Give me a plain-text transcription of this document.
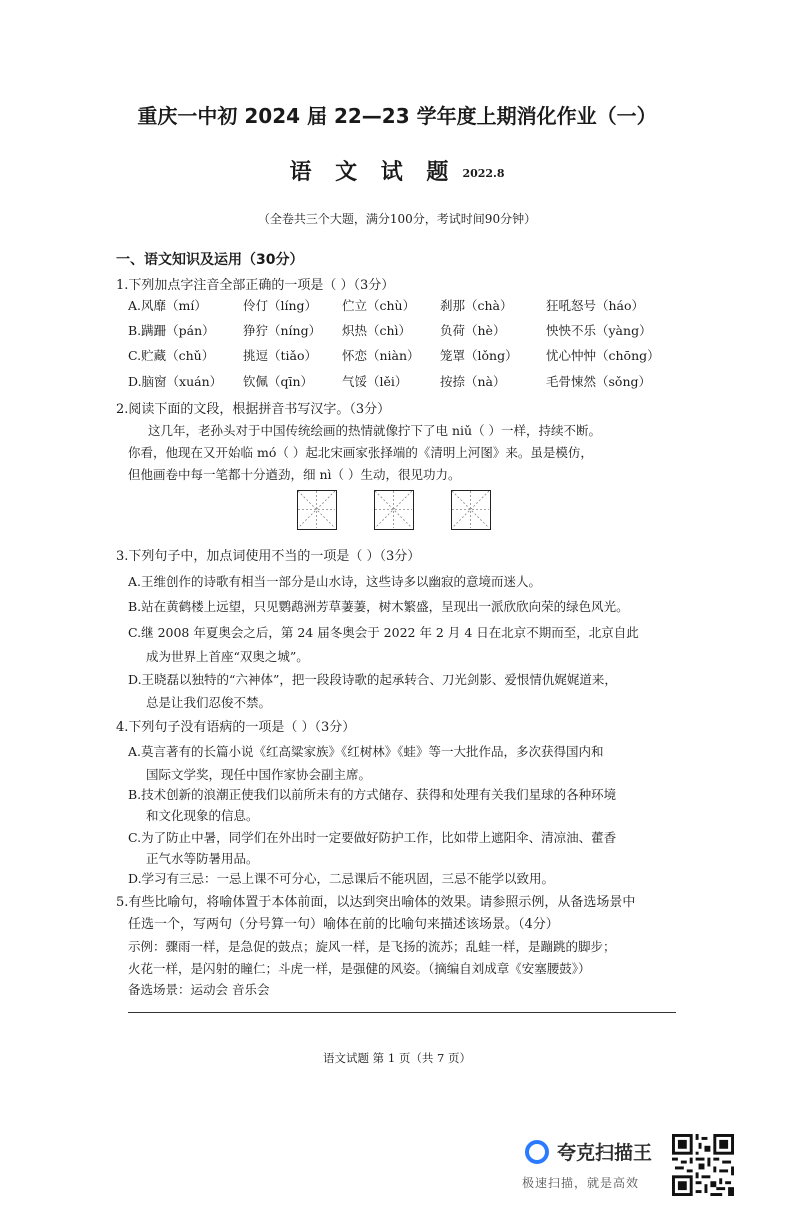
重庆一中初 2024 届 22—23 学年度上期消化作业（一）
语 文 试 题 2022.8
（全卷共三个大题，满分100分，考试时间90分钟）
一、语文知识及运用（30分）
1.下列加点字注音全部正确的一项是（ ）（3分）
A.风靡（mí）	伶仃（líng） 伫立（chù） 刹那（chà）	狂吼怒号（háo）
B.蹒跚（pán） 狰狞（níng） 炽热（chì） 负荷（hè）	怏怏不乐（yàng）
C.贮藏（chǔ） 挑逗（tiǎo） 怀恋（niàn） 笼罩（lǒng） 忧心忡忡（chōng）
D.脑窗（xuán） 钦佩（qīn） 气馁（lěi）	按捺（nà）	毛骨悚然（sǒng）
2.阅读下面的文段，根据拼音书写汉字。（3分）
这几年，老孙头对于中国传统绘画的热情就像拧下了电 niǔ（ ）一样，持续不断。
你看，他现在又开始临 mó（ ）起北宋画家张择端的《清明上河图》来。虽是模仿，
但他画卷中每一笔都十分遒劲，细 nì（ ）生动，很见功力。
3.下列句子中，加点词使用不当的一项是（ ）（3分）
A.王维创作的诗歌有相当一部分是山水诗，这些诗多以幽寂的意境而迷人。
B.站在黄鹤楼上远望，只见鹦鹉洲芳草萋萋，树木繁盛，呈现出一派欣欣向荣的绿色风光。
C.继 2008 年夏奥会之后，第 24 届冬奥会于 2022 年 2 月 4 日在北京不期而至，北京自此
成为世界上首座“双奥之城”。
D.王晓磊以独特的“六神体”，把一段段诗歌的起承转合、刀光剑影、爱恨情仇娓娓道来，
总是让我们忍俊不禁。
4.下列句子没有语病的一项是（ ）（3分）
A.莫言著有的长篇小说《红高粱家族》《红树林》《蛙》等一大批作品，多次获得国内和
国际文学奖，现任中国作家协会副主席。
B.技术创新的浪潮正使我们以前所未有的方式储存、获得和处理有关我们星球的各种环境
和文化现象的信息。
C.为了防止中暑，同学们在外出时一定要做好防护工作，比如带上遮阳伞、清凉油、藿香
正气水等防暑用品。
D.学习有三忌：一忌上课不可分心，二忌课后不能巩固，三忌不能学以致用。
5.有些比喻句，将喻体置于本体前面，以达到突出喻体的效果。请参照示例，从备选场景中
任选一个，写两句（分号算一句）喻体在前的比喻句来描述该场景。（4分）
示例：骤雨一样，是急促的鼓点；旋风一样，是飞扬的流苏；乱蛙一样，是蹦跳的脚步；
火花一样，是闪射的瞳仁；斗虎一样，是强健的风姿。（摘编自刘成章《安塞腰鼓》）
备选场景：运动会 音乐会
语文试题 第 1 页（共 7 页）
夸克扫描王
极速扫描，就是高效
